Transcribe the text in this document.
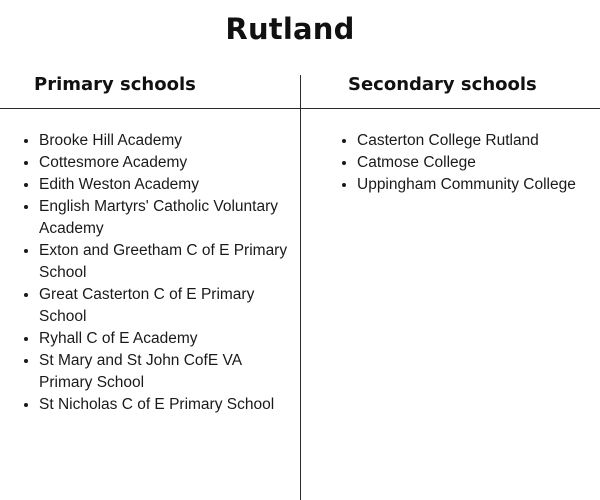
Rutland
Primary schools	Secondary schools
Brooke Hill Academy
Cottesmore Academy
Edith Weston Academy
English Martyrs' Catholic Voluntary Academy
Exton and Greetham C of E Primary School
Great Casterton C of E Primary School
Ryhall C of E Academy
St Mary and St John CofE VA Primary School
St Nicholas C of E Primary School
Casterton College Rutland
Catmose College
Uppingham Community College
